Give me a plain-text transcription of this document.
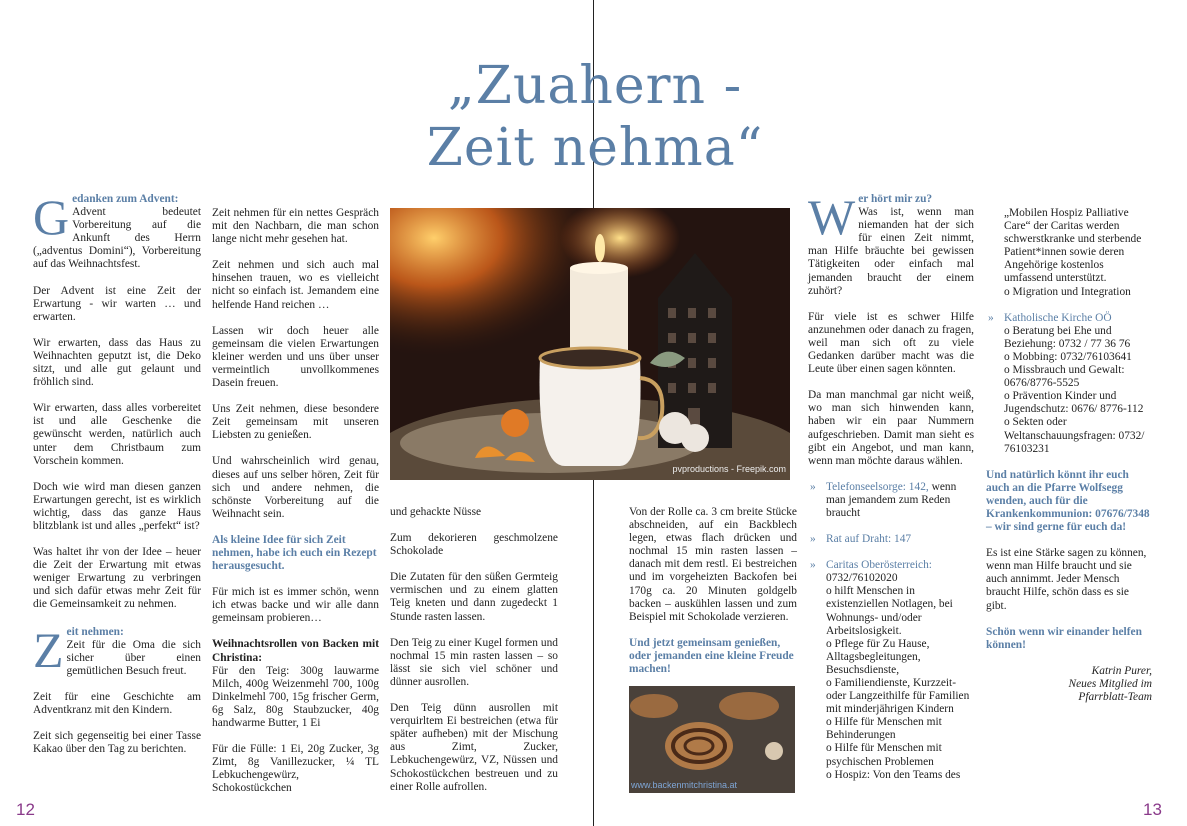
„Zuahern -
Zeit nehma“

Gedanken zum Advent:
Advent bedeutet Vorbereitung auf die Ankunft des Herrn („adventus Domini“), Vorbereitung auf das Weihnachtsfest.

Der Advent ist eine Zeit der Erwartung - wir warten … und erwarten.

Wir erwarten, dass das Haus zu Weihnachten geputzt ist, die Deko sitzt, und alle gut gelaunt und fröhlich sind.

Wir erwarten, dass alles vorbereitet ist und alle Geschenke die gewünscht werden, natürlich auch unter dem Christbaum zum Vorschein kommen.

Doch wie wird man diesen ganzen Erwartungen gerecht, ist es wirklich wichtig, dass das ganze Haus blitzblank ist und alles „perfekt“ ist?

Was haltet ihr von der Idee – heuer die Zeit der Erwartung mit etwas weniger Erwartung zu verbringen und sich dafür etwas mehr Zeit für die Gemeinsamkeit zu nehmen.

Zeit nehmen:
Zeit für die Oma die sich sicher über einen gemütlichen Besuch freut.

Zeit für eine Geschichte am Adventkranz mit den Kindern.

Zeit sich gegenseitig bei einer Tasse Kakao über den Tag zu berichten.

Zeit nehmen für ein nettes Gespräch mit den Nachbarn, die man schon lange nicht mehr gesehen hat.

Zeit nehmen und sich auch mal hinsehen trauen, wo es vielleicht nicht so einfach ist. Jemandem eine helfende Hand reichen …

Lassen wir doch heuer alle gemeinsam die vielen Erwartungen kleiner werden und uns über unser vermeintlich unvollkommenes Dasein freuen.

Uns Zeit nehmen, diese besondere Zeit gemeinsam mit unseren Liebsten zu genießen.

Und wahrscheinlich wird genau, dieses auf uns selber hören, Zeit für sich und andere nehmen, die schönste Vorbereitung auf die Weihnacht sein.

Als kleine Idee für sich Zeit nehmen, habe ich euch ein Rezept herausgesucht.

Für mich ist es immer schön, wenn ich etwas backe und wir alle dann gemeinsam probieren…

Weihnachtsrollen von Backen mit Christina:

Für den Teig: 300g lauwarme Milch, 400g Weizenmehl 700, 100g Dinkelmehl 700, 15g frischer Germ, 6g Salz, 80g Staubzucker, 40g handwarme Butter, 1 Ei

Für die Fülle: 1 Ei, 20g Zucker, 3g Zimt, 8g Vanillezucker, ¼ TL Lebkuchengewürz, Schokostückchen

pvproductions - Freepik.com

und gehackte Nüsse

Zum dekorieren geschmolzene Schokolade

Die Zutaten für den süßen Germteig vermischen und zu einem glatten Teig kneten und dann zugedeckt 1 Stunde rasten lassen.

Den Teig zu einer Kugel formen und nochmal 15 min rasten lassen – so lässt sie sich viel schöner und dünner ausrollen.

Den Teig dünn ausrollen mit verquirltem Ei bestreichen (etwa für später aufheben) mit der Mischung aus Zimt, Zucker, Lebkuchengewürz, VZ, Nüssen und Schokostückchen bestreuen und zu einer Rolle aufrollen.

Von der Rolle ca. 3 cm breite Stücke abschneiden, auf ein Backblech legen, etwas flach drücken und nochmal 15 min rasten lassen – danach mit dem restl. Ei bestreichen und im vorgeheizten Backofen bei 170g ca. 20 Minuten goldgelb backen – auskühlen lassen und zum Beispiel mit Schokolade verzieren.

Und jetzt gemeinsam genießen, oder jemanden eine kleine Freude machen!

www.backenmitchristina.at

Wer hört mir zu?
Was ist, wenn man niemanden hat der sich für einen Zeit nimmt, man Hilfe bräuchte bei gewissen Tätigkeiten oder einfach mal jemanden braucht der einem zuhört?

Für viele ist es schwer Hilfe anzunehmen oder danach zu fragen, weil man sich oft zu viele Gedanken darüber macht was die Leute über einen sagen könnten.

Da man manchmal gar nicht weiß, wo man sich hinwenden kann, haben wir ein paar Nummern aufgeschrieben. Damit man sieht es gibt ein Angebot, und man kann, wenn man möchte daraus wählen.

» Telefonseelsorge: 142, wenn man jemandem zum Reden braucht

» Rat auf Draht: 147

» Caritas Oberösterreich:
0732/76102020
o hilft Menschen in existenziellen Notlagen, bei Wohnungs- und/oder Arbeitslosigkeit.
o Pflege für Zu Hause, Alltagsbegleitungen, Besuchsdienste,
o Familiendienste, Kurzzeit-oder Langzeithilfe für Familien mit minderjährigen Kindern
o Hilfe für Menschen mit Behinderungen
o Hilfe für Menschen mit psychischen Problemen
o Hospiz: Von den Teams des
„Mobilen Hospiz Palliative Care“ der Caritas werden schwerstkranke und sterbende Patient*innen sowie deren Angehörige kostenlos umfassend unterstützt.
o Migration und Integration
» Katholische Kirche OÖ
o Beratung bei Ehe und Beziehung: 0732 / 77 36 76
o Mobbing: 0732/76103641
o Missbrauch und Gewalt: 0676/8776-5525
o Prävention Kinder und Jugendschutz: 0676/ 8776-112
o Sekten oder Weltanschauungsfragen: 0732/ 76103231

Und natürlich könnt ihr euch auch an die Pfarre Wolfsegg wenden, auch für die Krankenkommunion: 07676/7348 – wir sind gerne für euch da!

Es ist eine Stärke sagen zu können, wenn man Hilfe braucht und sie auch annimmt. Jeder Mensch braucht Hilfe, schön dass es sie gibt.

Schön wenn wir einander helfen können!

Katrin Purer,
Neues Mitglied im
Pfarrblatt-Team
12	13
